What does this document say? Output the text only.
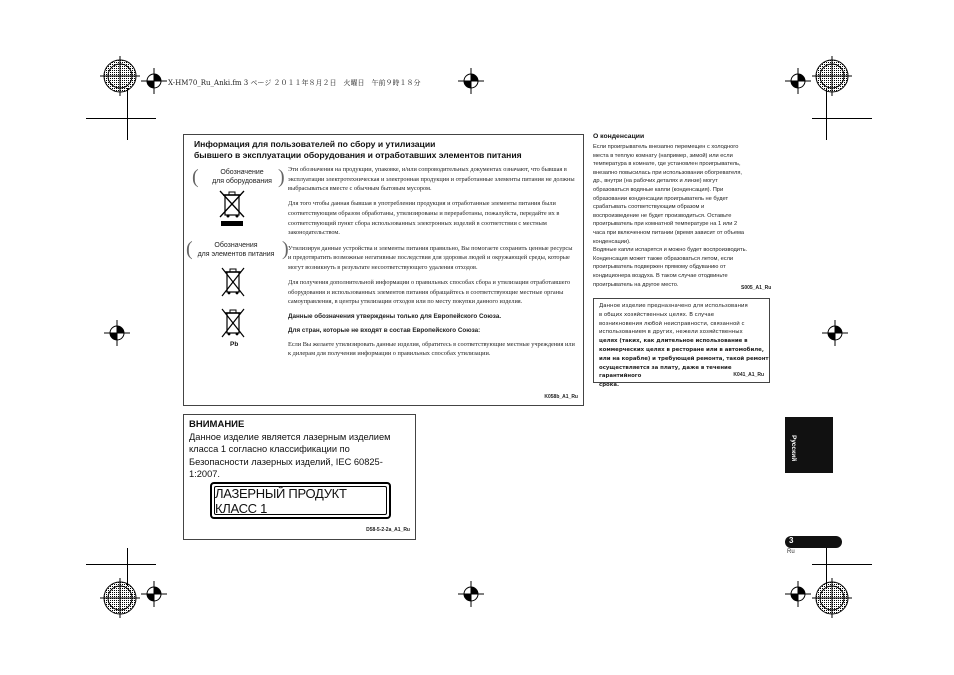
X-HM70_Ru_Anki.fm 3 ページ ２０１１年８月２日　火曜日　午前９時１８分
Информация для пользователей по сбору и утилизации
бывшего в эксплуатации оборудования и отработавших элементов питания
(	Обозначение
для оборудования )
(	Обозначения
для элементов питания )
Pb

Эти обозначения на продукции, упаковке, и/или сопроводительных документах означают, что бывшая в эксплуатации электротехническая и электронная продукция и отработанные элементы питания не должны выбрасываться вместе с обычным бытовым мусором.

Для того чтобы данная бывшая в употреблении продукция и отработанные элементы питания были соответствующим образом обработаны, утилизированы и переработаны, пожалуйста, передайте их в соответствующий пункт сбора использованных электронных изделий в соответствии с местным законодательством.

Утилизируя данные устройства и элементы питания правильно, Вы помогаете сохранить ценные ресурсы и предотвратить возможные негативные последствия для здоровья людей и окружающей среды, которые могут возникнуть в результате несоответствующего удаления отходов.

Для получения дополнительной информации о правильных способах сбора и утилизации отработавшего оборудования и использованных элементов питания обращайтесь в соответствующие местные органы самоуправления, в центры утилизации отходов или по месту покупки данного изделия.

Данные обозначения утверждены только для Европейского Союза.

Для стран, которые не входят в состав Европейского Союза:

Если Вы желаете утилизировать данные изделия, обратитесь в соответствующие местные учреждения или к дилерам для получения информации о правильных способах утилизации.

K058b_A1_Ru
О конденсации
Если проигрыватель внезапно перемещен с холодного
места в теплую комнату (например, зимой) или если
температура в комнате, где установлен проигрыватель,
внезапно повысилась при использовании обогревателя,
др., внутри (на рабочих деталях и линзе) могут
образоваться водяные капли (конденсация). При
образовании конденсации проигрыватель не будет
срабатывать соответствующим образом и
воспроизведение не будет производиться. Оставьте
проигрыватель при комнатной температуре на 1 или 2
часа при включенном питании (время зависит от объема
конденсации).
Водяные капли испарятся и можно будет воспроизводить.
Конденсация может также образоваться летом, если
проигрыватель подвержен прямому обдуванию от
кондиционера воздуха. В таком случае отодвиньте
проигрыватель на другое место.
S005_A1_Ru
Данное изделие предназначено для использования
в общих хозяйственных целях. В случае
возникновения любой неисправности, связанной с
использованием в других, нежели хозяйственных
целях (таких, как длительное использование в
коммерческих целях в ресторане или в автомобиле,
или на корабле) и требующей ремонта, такой ремонт
осуществляется за плату, даже в течение гарантийного
срока.
K041_A1_Ru
ВНИМАНИЕ
Данное изделие является лазерным изделием класса 1 согласно классификации по Безопасности лазерных изделий, IEC 60825-1:2007.
ЛАЗЕРНЫЙ ПРОДУКТ КЛАСС 1
D58-5-2-2a_A1_Ru
Русский
3
Ru
